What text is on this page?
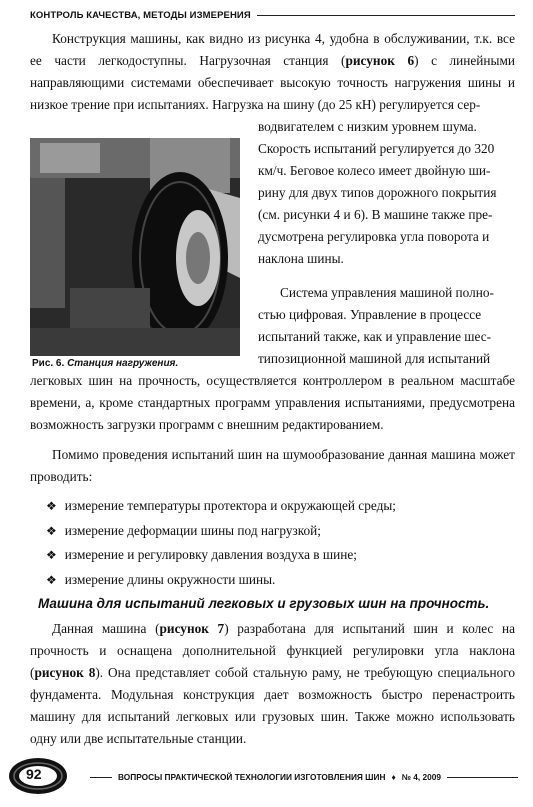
КОНТРОЛЬ КАЧЕСТВА, МЕТОДЫ ИЗМЕРЕНИЯ

Конструкция машины, как видно из рисунка 4, удобна в обслуживании, т.к. все ее части легкодоступны. Нагрузочная станция (рисунок 6) с линейными направляющими системами обеспечивает высокую точность нагружения шины и низкое трение при испытаниях. Нагрузка на шину (до 25 кН) регулируется сер-

Рис. 6. Станция нагружения.
водвигателем с низким уровнем шума.
Скорость испытаний регулируется до 320
км/ч. Беговое колесо имеет двойную ши-
рину для двух типов дорожного покрытия
(см. рисунки 4 и 6). В машине также пре-
дусмотрена регулировка угла поворота и
наклона шины.
Система управления машиной полно-
стью цифровая. Управление в процессе
испытаний также, как и управление шес-
типозиционной машиной для испытаний
легковых шин на прочность, осуществляется контроллером в реальном масштабе времени, а, кроме стандартных программ управления испытаниями, предусмотрена возможность загрузки программ с внешним редактированием.
Помимо проведения испытаний шин на шумообразование данная машина может проводить:
❖ измерение температуры протектора и окружающей среды;
❖ измерение деформации шины под нагрузкой;
❖ измерение и регулировку давления воздуха в шине;
❖ измерение длины окружности шины.
Машина для испытаний легковых и грузовых шин на прочность.
Данная машина (рисунок 7) разработана для испытаний шин и колес на прочность и оснащена дополнительной функцией регулировки угла наклона (рисунок 8). Она представляет собой стальную раму, не требующую специального фундамента. Модульная конструкция дает возможность быстро перенастроить машину для испытаний легковых или грузовых шин. Также можно использовать одну или две испытательные станции.
92	ВОПРОСЫ ПРАКТИЧЕСКОЙ ТЕХНОЛОГИИ ИЗГОТОВЛЕНИЯ ШИН ♦ № 4, 2009
